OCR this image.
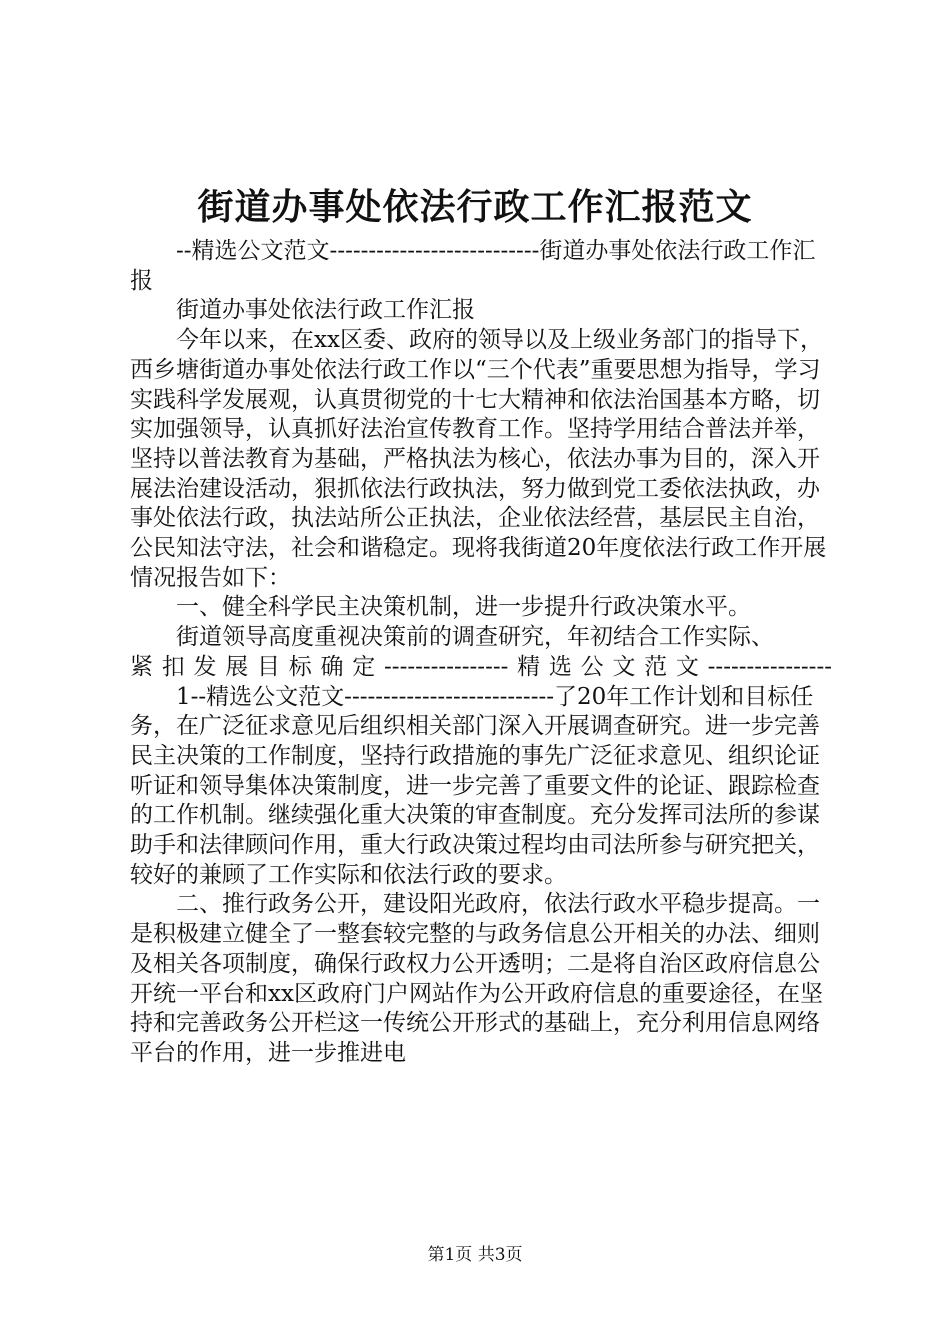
街道办事处依法行政工作汇报范文

--精选公文范文---------------------------街道办事处依法行政工作汇报

街道办事处依法行政工作汇报

今年以来，在xx区委、政府的领导以及上级业务部门的指导下，西乡塘街道办事处依法行政工作以“三个代表”重要思想为指导，学习实践科学发展观，认真贯彻党的十七大精神和依法治国基本方略，切实加强领导，认真抓好法治宣传教育工作。坚持学用结合普法并举，坚持以普法教育为基础，严格执法为核心，依法办事为目的，深入开展法治建设活动，狠抓依法行政执法，努力做到党工委依法执政，办事处依法行政，执法站所公正执法，企业依法经营，基层民主自治，公民知法守法，社会和谐稳定。现将我街道20年度依法行政工作开展情况报告如下：

一、健全科学民主决策机制，进一步提升行政决策水平。

街道领导高度重视决策前的调查研究，年初结合工作实际、

紧扣发展目标确定----------------精选公文范文----------------

1--精选公文范文---------------------------了20年工作计划和目标任务，在广泛征求意见后组织相关部门深入开展调查研究。进一步完善民主决策的工作制度，坚持行政措施的事先广泛征求意见、组织论证听证和领导集体决策制度，进一步完善了重要文件的论证、跟踪检查的工作机制。继续强化重大决策的审查制度。充分发挥司法所的参谋助手和法律顾问作用，重大行政决策过程均由司法所参与研究把关，较好的兼顾了工作实际和依法行政的要求。

二、推行政务公开，建设阳光政府，依法行政水平稳步提高。一是积极建立健全了一整套较完整的与政务信息公开相关的办法、细则及相关各项制度，确保行政权力公开透明；二是将自治区政府信息公开统一平台和xx区政府门户网站作为公开政府信息的重要途径，在坚持和完善政务公开栏这一传统公开形式的基础上，充分利用信息网络平台的作用，进一步推进电

第1页 共3页
